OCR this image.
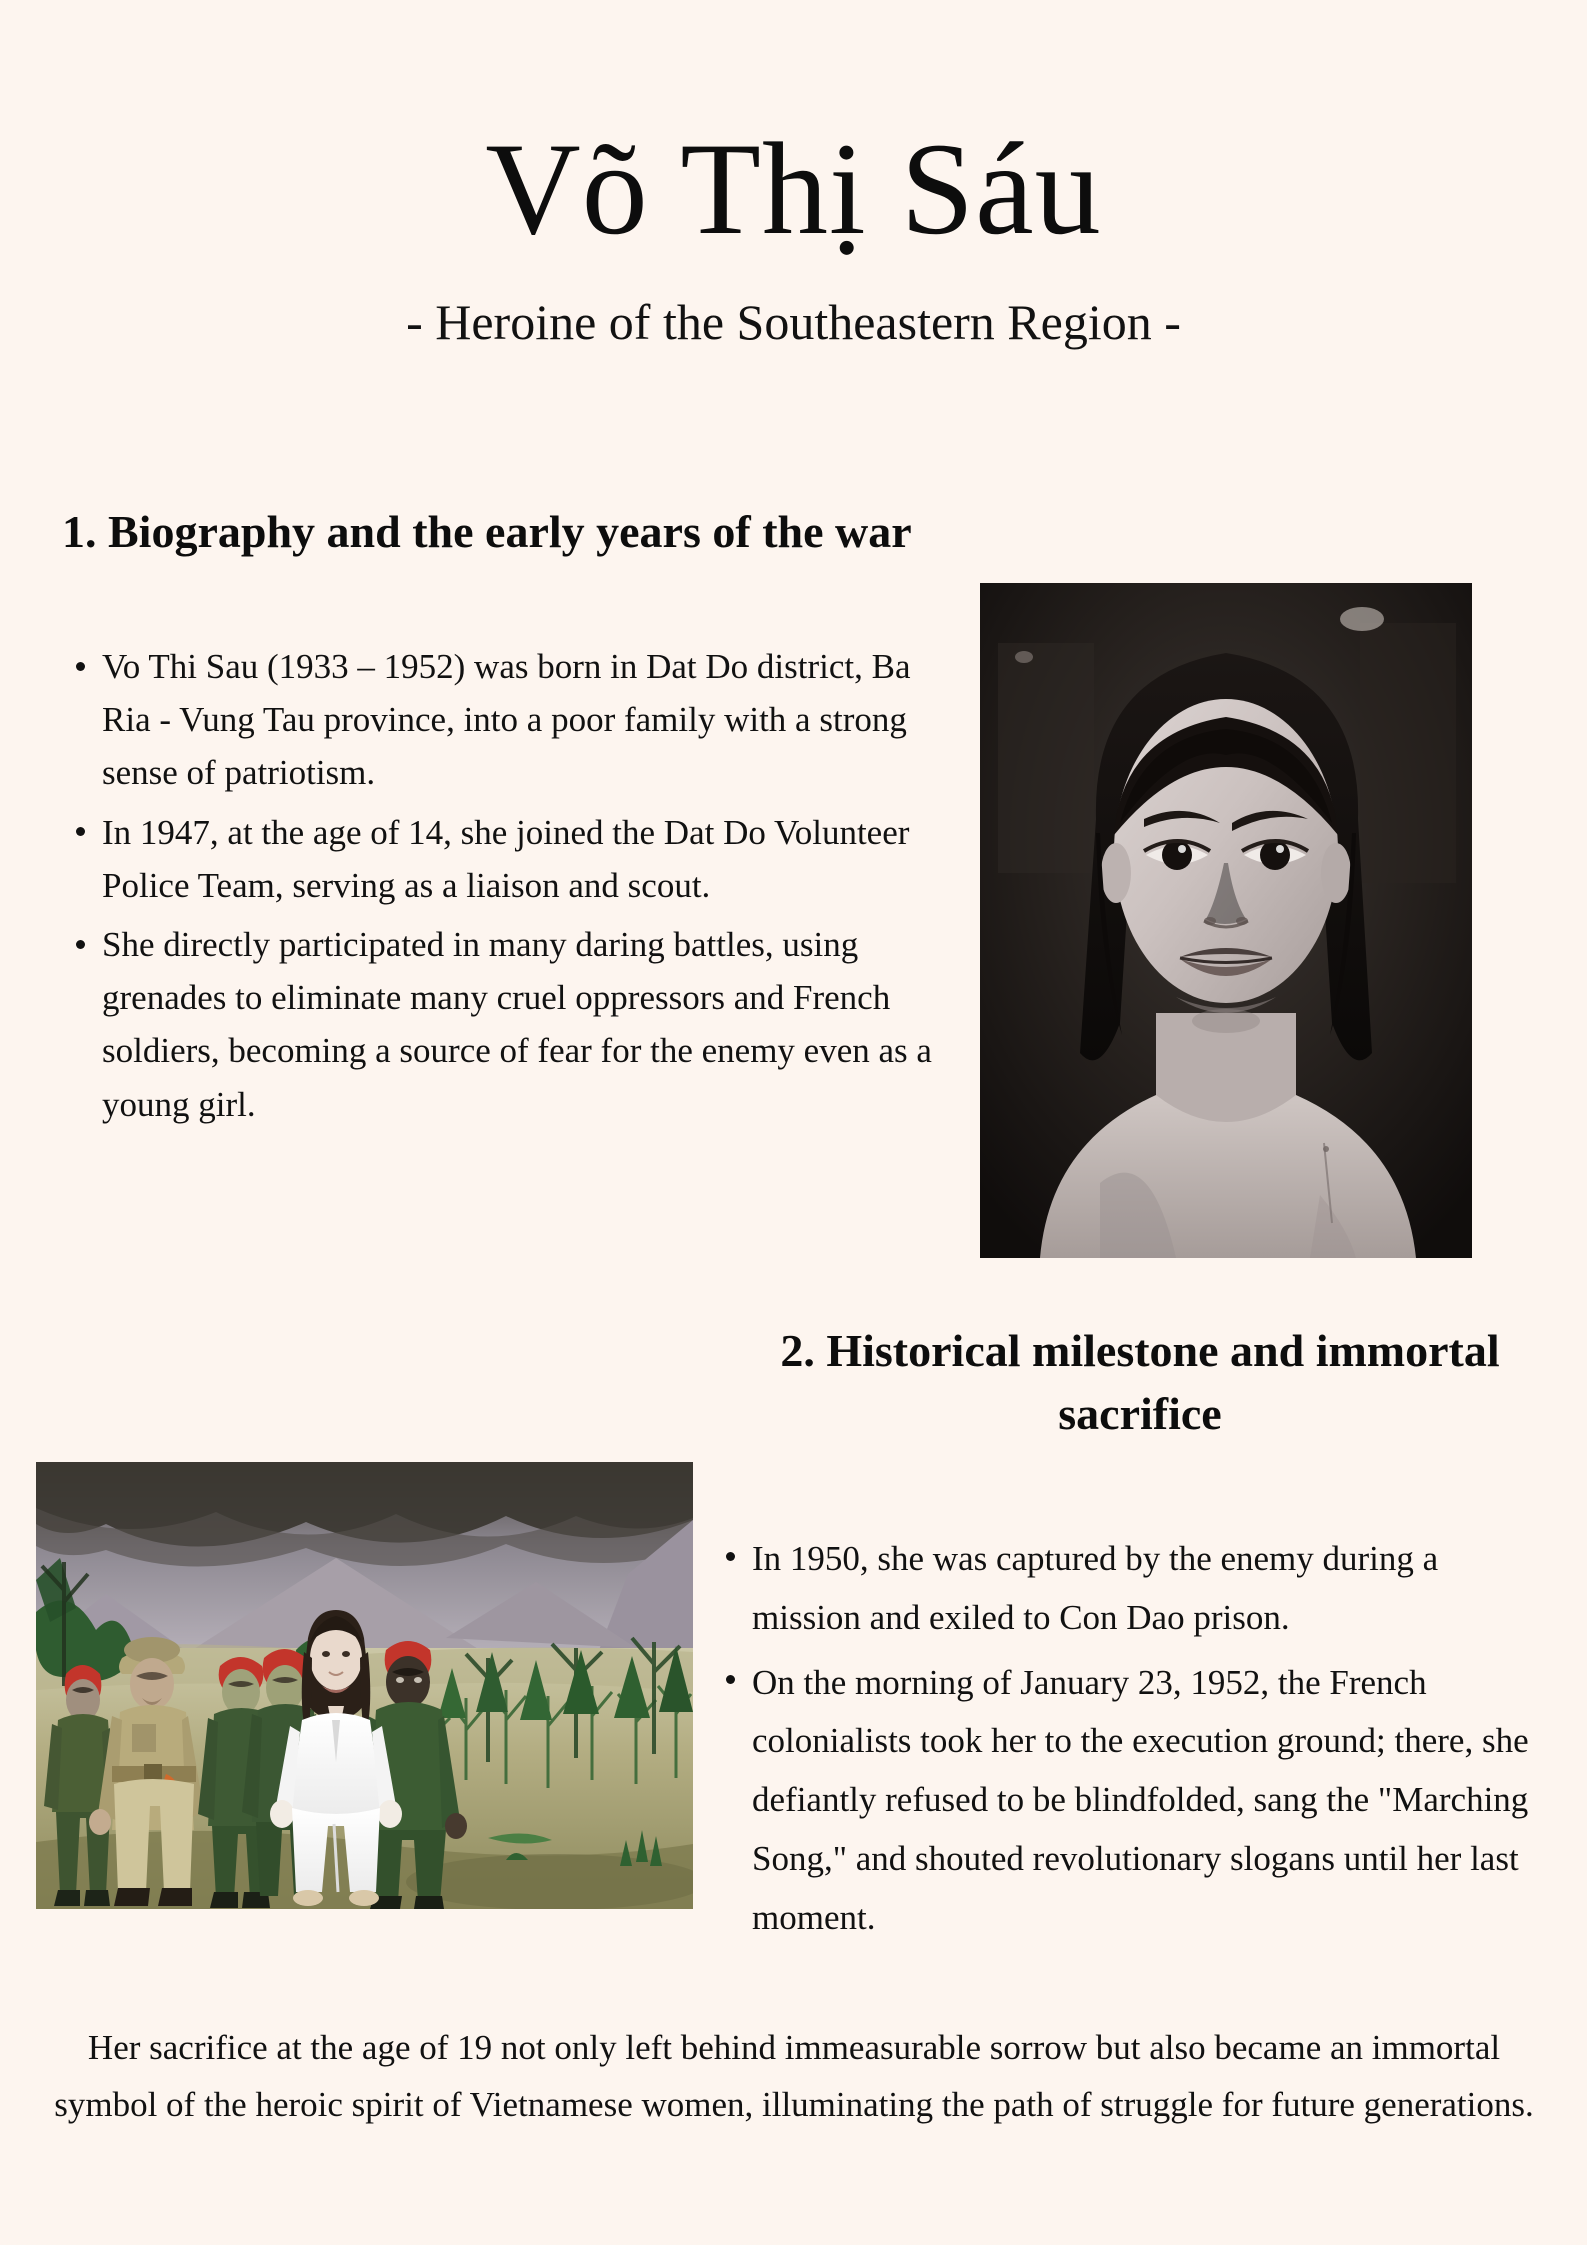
Võ Thị Sáu

- Heroine of the Southeastern Region -

1. Biography and the early years of the war
Vo Thi Sau (1933 – 1952) was born in Dat Do district, Ba Ria - Vung Tau province, into a poor family with a strong sense of patriotism.
In 1947, at the age of 14, she joined the Dat Do Volunteer Police Team, serving as a liaison and scout.
She directly participated in many daring battles, using grenades to eliminate many cruel oppressors and French soldiers, becoming a source of fear for the enemy even as a young girl.
2. Historical milestone and immortal sacrifice
In 1950, she was captured by the enemy during a mission and exiled to Con Dao prison.
On the morning of January 23, 1952, the French colonialists took her to the execution ground; there, she defiantly refused to be blindfolded, sang the "Marching Song," and shouted revolutionary slogans until her last moment.

Her sacrifice at the age of 19 not only left behind immeasurable sorrow but also became an immortal symbol of the heroic spirit of Vietnamese women, illuminating the path of struggle for future generations.
